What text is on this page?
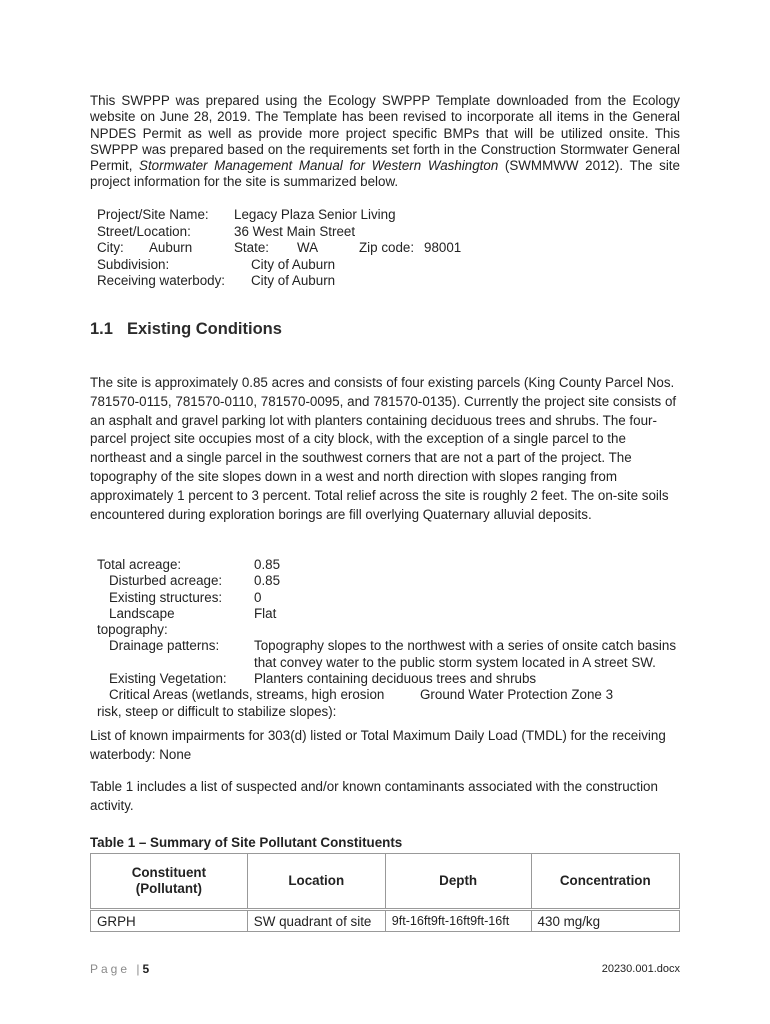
This SWPPP was prepared using the Ecology SWPPP Template downloaded from the Ecology website on June 28, 2019. The Template has been revised to incorporate all items in the General NPDES Permit as well as provide more project specific BMPs that will be utilized onsite. This SWPPP was prepared based on the requirements set forth in the Construction Stormwater General Permit, Stormwater Management Manual for Western Washington (SWMMWW 2012). The site project information for the site is summarized below.

Project/Site Name: Legacy Plaza Senior Living
Street/Location:	36 West Main Street
City: Auburn	State: WA	Zip code: 98001
Subdivision:	City of Auburn
Receiving waterbody: City of Auburn
1.1 Existing Conditions

The site is approximately 0.85 acres and consists of four existing parcels (King County Parcel Nos. 781570-0115, 781570-0110, 781570-0095, and 781570-0135). Currently the project site consists of an asphalt and gravel parking lot with planters containing deciduous trees and shrubs. The four-parcel project site occupies most of a city block, with the exception of a single parcel to the northeast and a single parcel in the southwest corners that are not a part of the project. The topography of the site slopes down in a west and north direction with slopes ranging from approximately 1 percent to 3 percent. Total relief across the site is roughly 2 feet. The on-site soils encountered during exploration borings are fill overlying Quaternary alluvial deposits.

Total acreage:	0.85
Disturbed acreage:	0.85
Existing structures:	0
Landscape	Flat
topography:
Drainage patterns:	Topography slopes to the northwest with a series of onsite catch basins

that convey water to the public storm system located in A street SW.
Existing Vegetation:	Planters containing deciduous trees and shrubs
Critical Areas (wetlands, streams, high erosion	Ground Water Protection Zone 3
risk, steep or difficult to stabilize slopes):

List of known impairments for 303(d) listed or Total Maximum Daily Load (TMDL) for the receiving waterbody: None

Table 1 includes a list of suspected and/or known contaminants associated with the construction activity.

Table 1 – Summary of Site Pollutant Constituents
Constituent (Pollutant)	Location	Depth	Concentration
GRPH	SW quadrant of site	9ft-16ft9ft-16ft9ft-16ft	430 mg/kg
Page |5	20230.001.docx
